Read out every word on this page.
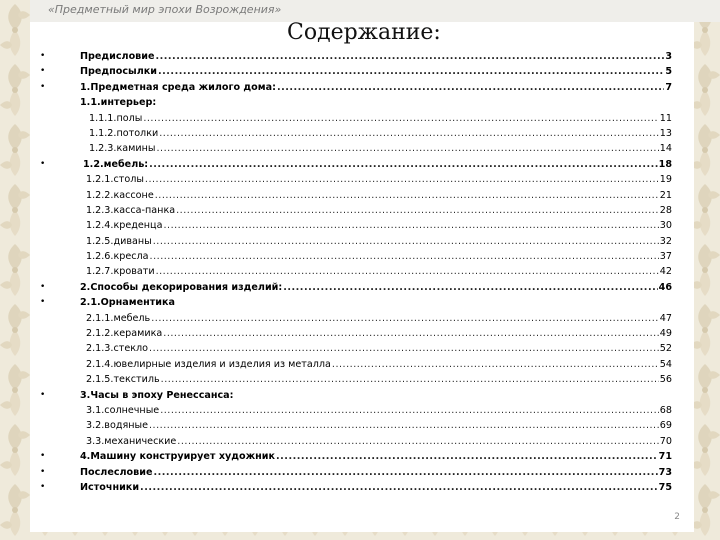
«Предметный мир эпохи Возрождения»
Содержание:
•	Предисловие .....	3
•	Предпосылки .....	5
•	1.Предметная среда жилого дома: .....	7
1.1.интерьер:
1.1.1.полы .....	11
1.1.2.потолки .....	13
1.2.3.камины .....	14
•	1.2.мебель: .....	18
1.2.1.столы .....	19
1.2.2.кассоне .....	21
1.2.3.касса-панка .....	28
1.2.4.креденца .....	30
1.2.5.диваны .....	32
1.2.6.кресла .....	37
1.2.7.кровати .....	42
•	2.Способы декорирования изделий: .....	46
•	2.1.Орнаментика
2.1.1.мебель .....	47
2.1.2.керамика .....	49
2.1.3.стекло .....	52
2.1.4.ювелирные изделия и изделия из металла .....	54
2.1.5.текстиль .....	56
•	3.Часы в эпоху Ренессанса:
3.1.солнечные .....	68
3.2.водяные .....	69
3.3.механические .....	70
•	4.Машину конструирует художник .....	71
•	Послесловие .....	73
•	Источники .....	75
2
